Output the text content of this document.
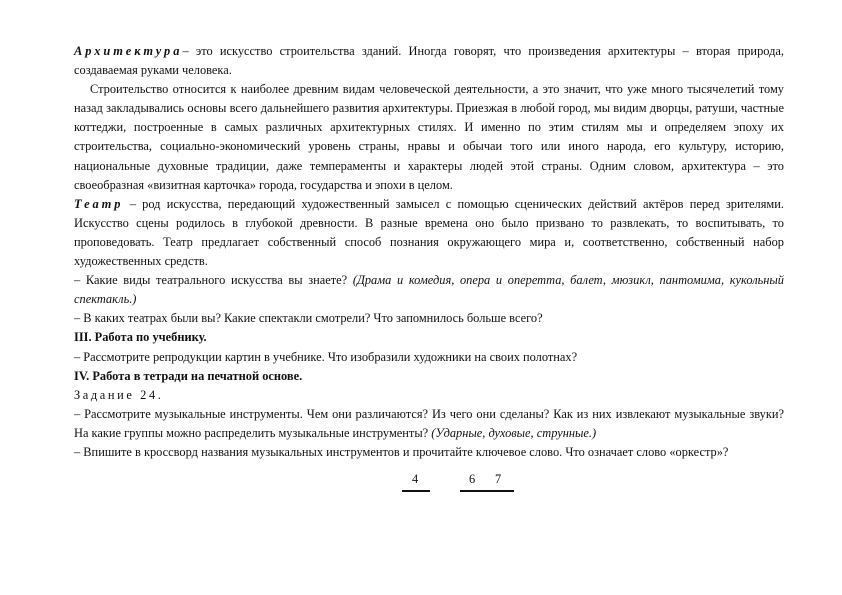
Архитектура– это искусство строительства зданий. Иногда говорят, что произведения архитектуры – вторая природа, создаваемая руками человека.

Строительство относится к наиболее древним видам человеческой деятельности, а это значит, что уже много тысячелетий тому назад закладывались основы всего дальнейшего развития архитектуры. Приезжая в любой город, мы видим дворцы, ратуши, частные коттеджи, построенные в самых различных архитектурных стилях. И именно по этим стилям мы и определяем эпоху их строительства, социально-экономический уровень страны, нравы и обычаи того или иного народа, его культуру, историю, национальные духовные традиции, даже темпераменты и характеры людей этой страны. Одним словом, архитектура – это своеобразная «визитная карточка» города, государства и эпохи в целом.

Театр – род искусства, передающий художественный замысел с помощью сценических действий актёров перед зрителями. Искусство сцены родилось в глубокой древности. В разные времена оно было призвано то развлекать, то воспитывать, то проповедовать. Театр предлагает собственный способ познания окружающего мира и, соответственно, собственный набор художественных средств.

– Какие виды театрального искусства вы знаете? (Драма и комедия, опера и оперетта, балет, мюзикл, пантомима, кукольный спектакль.)

– В каких театрах были вы? Какие спектакли смотрели? Что запомнилось больше всего?

III. Работа по учебнику.

– Рассмотрите репродукции картин в учебнике. Что изобразили художники на своих полотнах?

IV. Работа в тетради на печатной основе.

Задание 24.

– Рассмотрите музыкальные инструменты. Чем они различаются? Из чего они сделаны? Как из них извлекают музыкальные звуки? На какие группы можно распределить музыкальные инструменты? (Ударные, духовые, струнные.)

– Впишите в кроссворд названия музыкальных инструментов и прочитайте ключевое слово. Что означает слово «оркестр»?

4	6 7
